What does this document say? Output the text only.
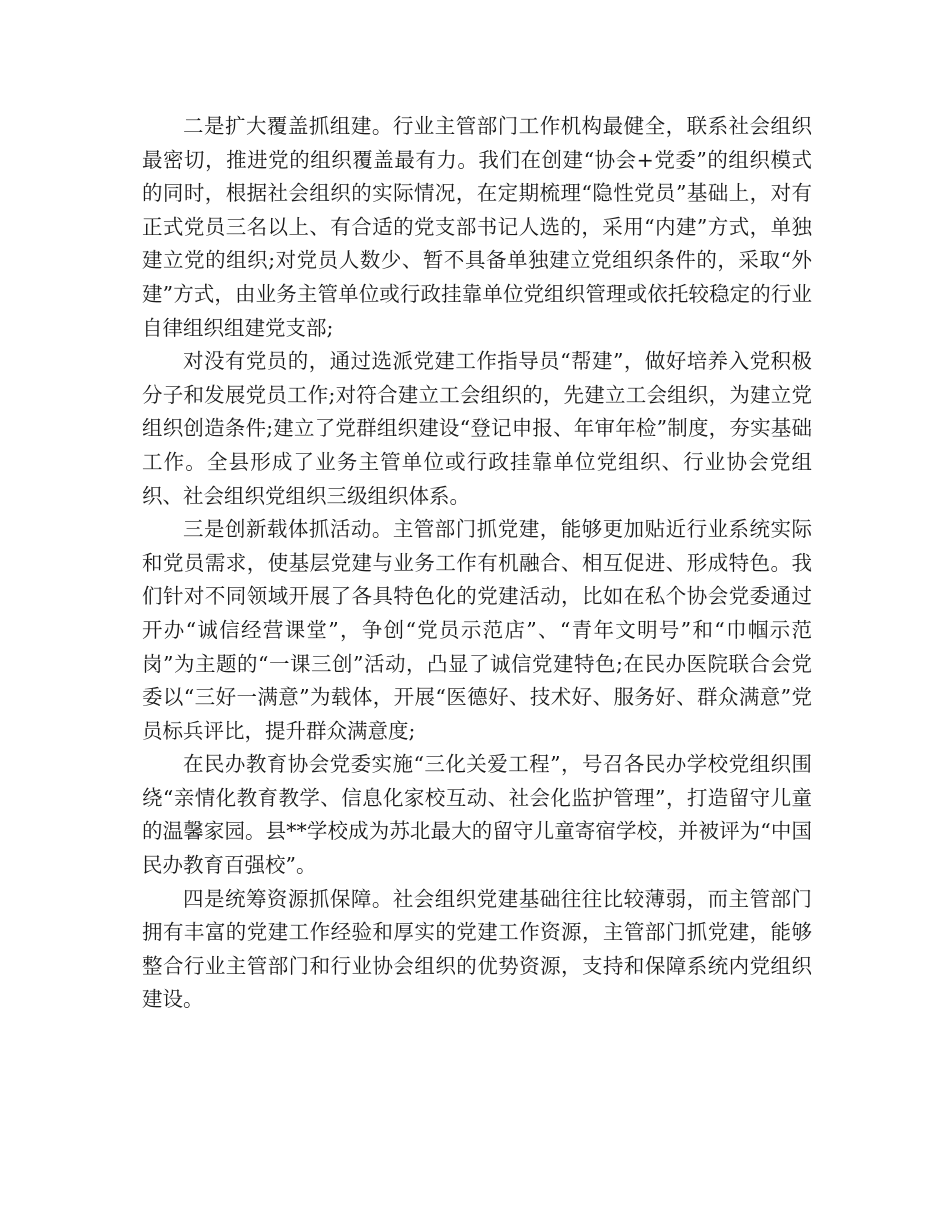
二是扩大覆盖抓组建。行业主管部门工作机构最健全，联系社会组织最密切，推进党的组织覆盖最有力。我们在创建“协会+党委”的组织模式的同时，根据社会组织的实际情况，在定期梳理“隐性党员”基础上，对有正式党员三名以上、有合适的党支部书记人选的，采用“内建”方式，单独建立党的组织;对党员人数少、暂不具备单独建立党组织条件的，采取“外建”方式，由业务主管单位或行政挂靠单位党组织管理或依托较稳定的行业自律组织组建党支部;

对没有党员的，通过选派党建工作指导员“帮建”，做好培养入党积极分子和发展党员工作;对符合建立工会组织的，先建立工会组织，为建立党组织创造条件;建立了党群组织建设“登记申报、年审年检”制度，夯实基础工作。全县形成了业务主管单位或行政挂靠单位党组织、行业协会党组织、社会组织党组织三级组织体系。

三是创新载体抓活动。主管部门抓党建，能够更加贴近行业系统实际和党员需求，使基层党建与业务工作有机融合、相互促进、形成特色。我们针对不同领域开展了各具特色化的党建活动，比如在私个协会党委通过开办“诚信经营课堂”，争创“党员示范店”、“青年文明号”和“巾帼示范岗”为主题的“一课三创”活动，凸显了诚信党建特色;在民办医院联合会党委以“三好一满意”为载体，开展“医德好、技术好、服务好、群众满意”党员标兵评比，提升群众满意度;

在民办教育协会党委实施“三化关爱工程”，号召各民办学校党组织围绕“亲情化教育教学、信息化家校互动、社会化监护管理”，打造留守儿童的温馨家园。县**学校成为苏北最大的留守儿童寄宿学校，并被评为“中国民办教育百强校”。

四是统筹资源抓保障。社会组织党建基础往往比较薄弱，而主管部门拥有丰富的党建工作经验和厚实的党建工作资源，主管部门抓党建，能够整合行业主管部门和行业协会组织的优势资源，支持和保障系统内党组织建设。
